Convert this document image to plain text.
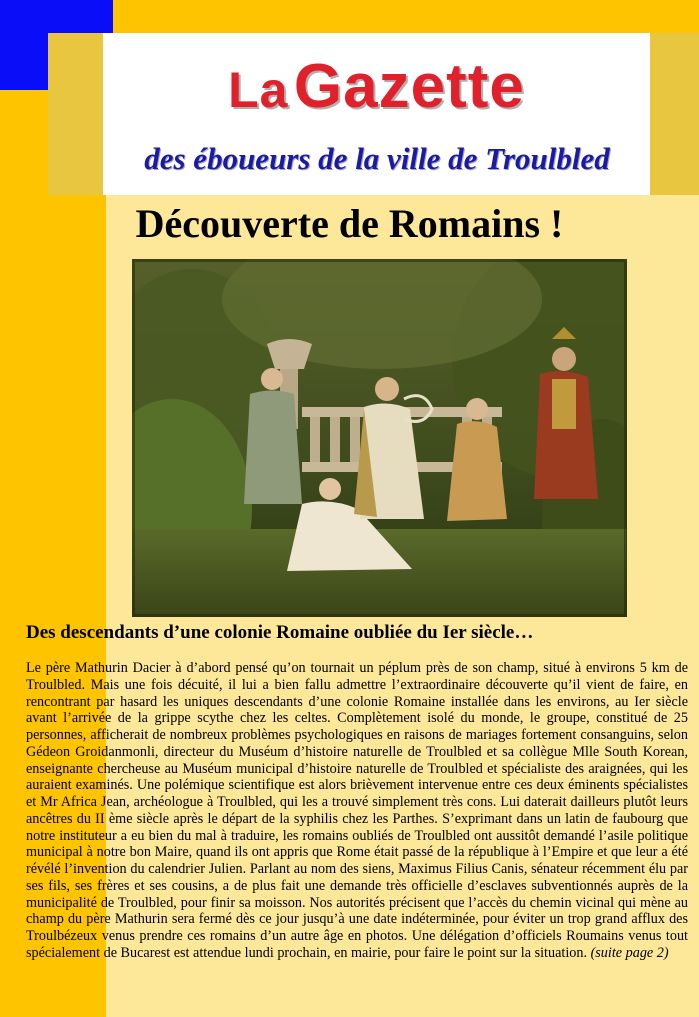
La Gazette
des éboueurs de la ville de Troulbled
Découverte de Romains !
Des descendants d’une colonie Romaine oubliée du Ier siècle…
Le père Mathurin Dacier à d’abord pensé qu’on tournait un péplum près de son champ, situé à environs 5 km de Troulbled. Mais une fois décuité, il lui a bien fallu admettre l’extraordinaire découverte qu’il vient de faire, en rencontrant par hasard les uniques descendants d’une colonie Romaine installée dans les environs, au Ier siècle avant l’arrivée de la grippe scythe chez les celtes. Complètement isolé du monde, le groupe, constitué de 25 personnes, afficherait de nombreux problèmes psychologiques en raisons de mariages fortement consanguins, selon Gédeon Groidanmonli, directeur du Muséum d’histoire naturelle de Troulbled et sa collègue Mlle South Korean, enseignante chercheuse au Muséum municipal d’histoire naturelle de Troulbled et spécialiste des araignées, qui les auraient examinés. Une polémique scientifique est alors brièvement intervenue entre ces deux éminents spécialistes et Mr Africa Jean, archéologue à Troulbled, qui les a trouvé simplement très cons. Lui daterait dailleurs plutôt leurs ancêtres du II ème siècle après le départ de la syphilis chez les Parthes. S’exprimant dans un latin de faubourg que notre instituteur a eu bien du mal à traduire, les romains oubliés de Troulbled ont aussitôt demandé l’asile politique municipal à notre bon Maire, quand ils ont appris que Rome était passé de la république à l’Empire et que leur a été révélé l’invention du calendrier Julien. Parlant au nom des siens, Maximus Filius Canis, sénateur récemment élu par ses fils, ses frères et ses cousins, a de plus fait une demande très officielle d’esclaves subventionnés auprès de la municipalité de Troulbled, pour finir sa moisson. Nos autorités précisent que l’accès du chemin vicinal qui mène au champ du père Mathurin sera fermé dès ce jour jusqu’à une date indéterminée, pour éviter un trop grand afflux des Troulbézeux venus prendre ces romains d’un autre âge en photos. Une délégation d’officiels Roumains venus tout spécialement de Bucarest est attendue lundi prochain, en mairie, pour faire le point sur la situation. (suite page 2)
